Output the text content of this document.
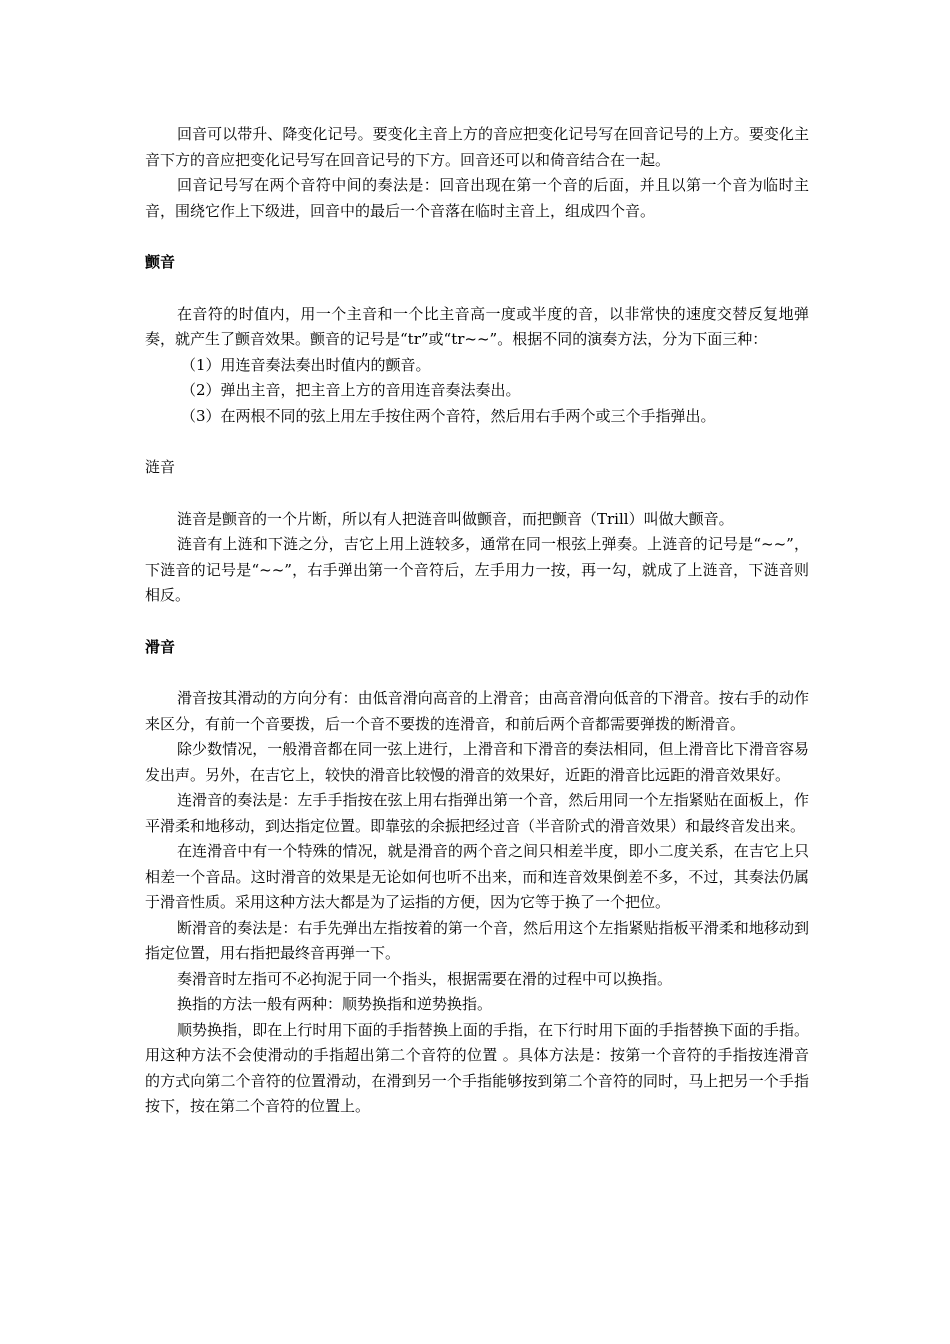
回音可以带升、降变化记号。要变化主音上方的音应把变化记号写在回音记号的上方。要变化主音下方的音应把变化记号写在回音记号的下方。回音还可以和倚音结合在一起。

回音记号写在两个音符中间的奏法是：回音出现在第一个音的后面，并且以第一个音为临时主音，围绕它作上下级进，回音中的最后一个音落在临时主音上，组成四个音。

颤音

在音符的时值内，用一个主音和一个比主音高一度或半度的音，以非常快的速度交替反复地弹奏，就产生了颤音效果。颤音的记号是“tr”或“tr~~”。根据不同的演奏方法，分为下面三种：

（1）用连音奏法奏出时值内的颤音。

（2）弹出主音，把主音上方的音用连音奏法奏出。

（3）在两根不同的弦上用左手按住两个音符，然后用右手两个或三个手指弹出。

涟音

涟音是颤音的一个片断，所以有人把涟音叫做颤音，而把颤音（Trill）叫做大颤音。

涟音有上涟和下涟之分，吉它上用上涟较多，通常在同一根弦上弹奏。上涟音的记号是“~~”，下涟音的记号是“~~”，右手弹出第一个音符后，左手用力一按，再一勾，就成了上涟音，下涟音则相反。

滑音

滑音按其滑动的方向分有：由低音滑向高音的上滑音；由高音滑向低音的下滑音。按右手的动作来区分，有前一个音要拨，后一个音不要拨的连滑音，和前后两个音都需要弹拨的断滑音。

除少数情况，一般滑音都在同一弦上进行，上滑音和下滑音的奏法相同，但上滑音比下滑音容易发出声。另外，在吉它上，较快的滑音比较慢的滑音的效果好，近距的滑音比远距的滑音效果好。

连滑音的奏法是：左手手指按在弦上用右指弹出第一个音，然后用同一个左指紧贴在面板上，作平滑柔和地移动，到达指定位置。即靠弦的余振把经过音（半音阶式的滑音效果）和最终音发出来。

在连滑音中有一个特殊的情况，就是滑音的两个音之间只相差半度，即小二度关系，在吉它上只相差一个音品。这时滑音的效果是无论如何也听不出来，而和连音效果倒差不多，不过，其奏法仍属于滑音性质。采用这种方法大都是为了运指的方便，因为它等于换了一个把位。

断滑音的奏法是：右手先弹出左指按着的第一个音，然后用这个左指紧贴指板平滑柔和地移动到指定位置，用右指把最终音再弹一下。

奏滑音时左指可不必拘泥于同一个指头，根据需要在滑的过程中可以换指。

换指的方法一般有两种：顺势换指和逆势换指。

顺势换指，即在上行时用下面的手指替换上面的手指，在下行时用下面的手指替换下面的手指。用这种方法不会使滑动的手指超出第二个音符的位置 。具体方法是：按第一个音符的手指按连滑音的方式向第二个音符的位置滑动，在滑到另一个手指能够按到第二个音符的同时，马上把另一个手指按下，按在第二个音符的位置上。
